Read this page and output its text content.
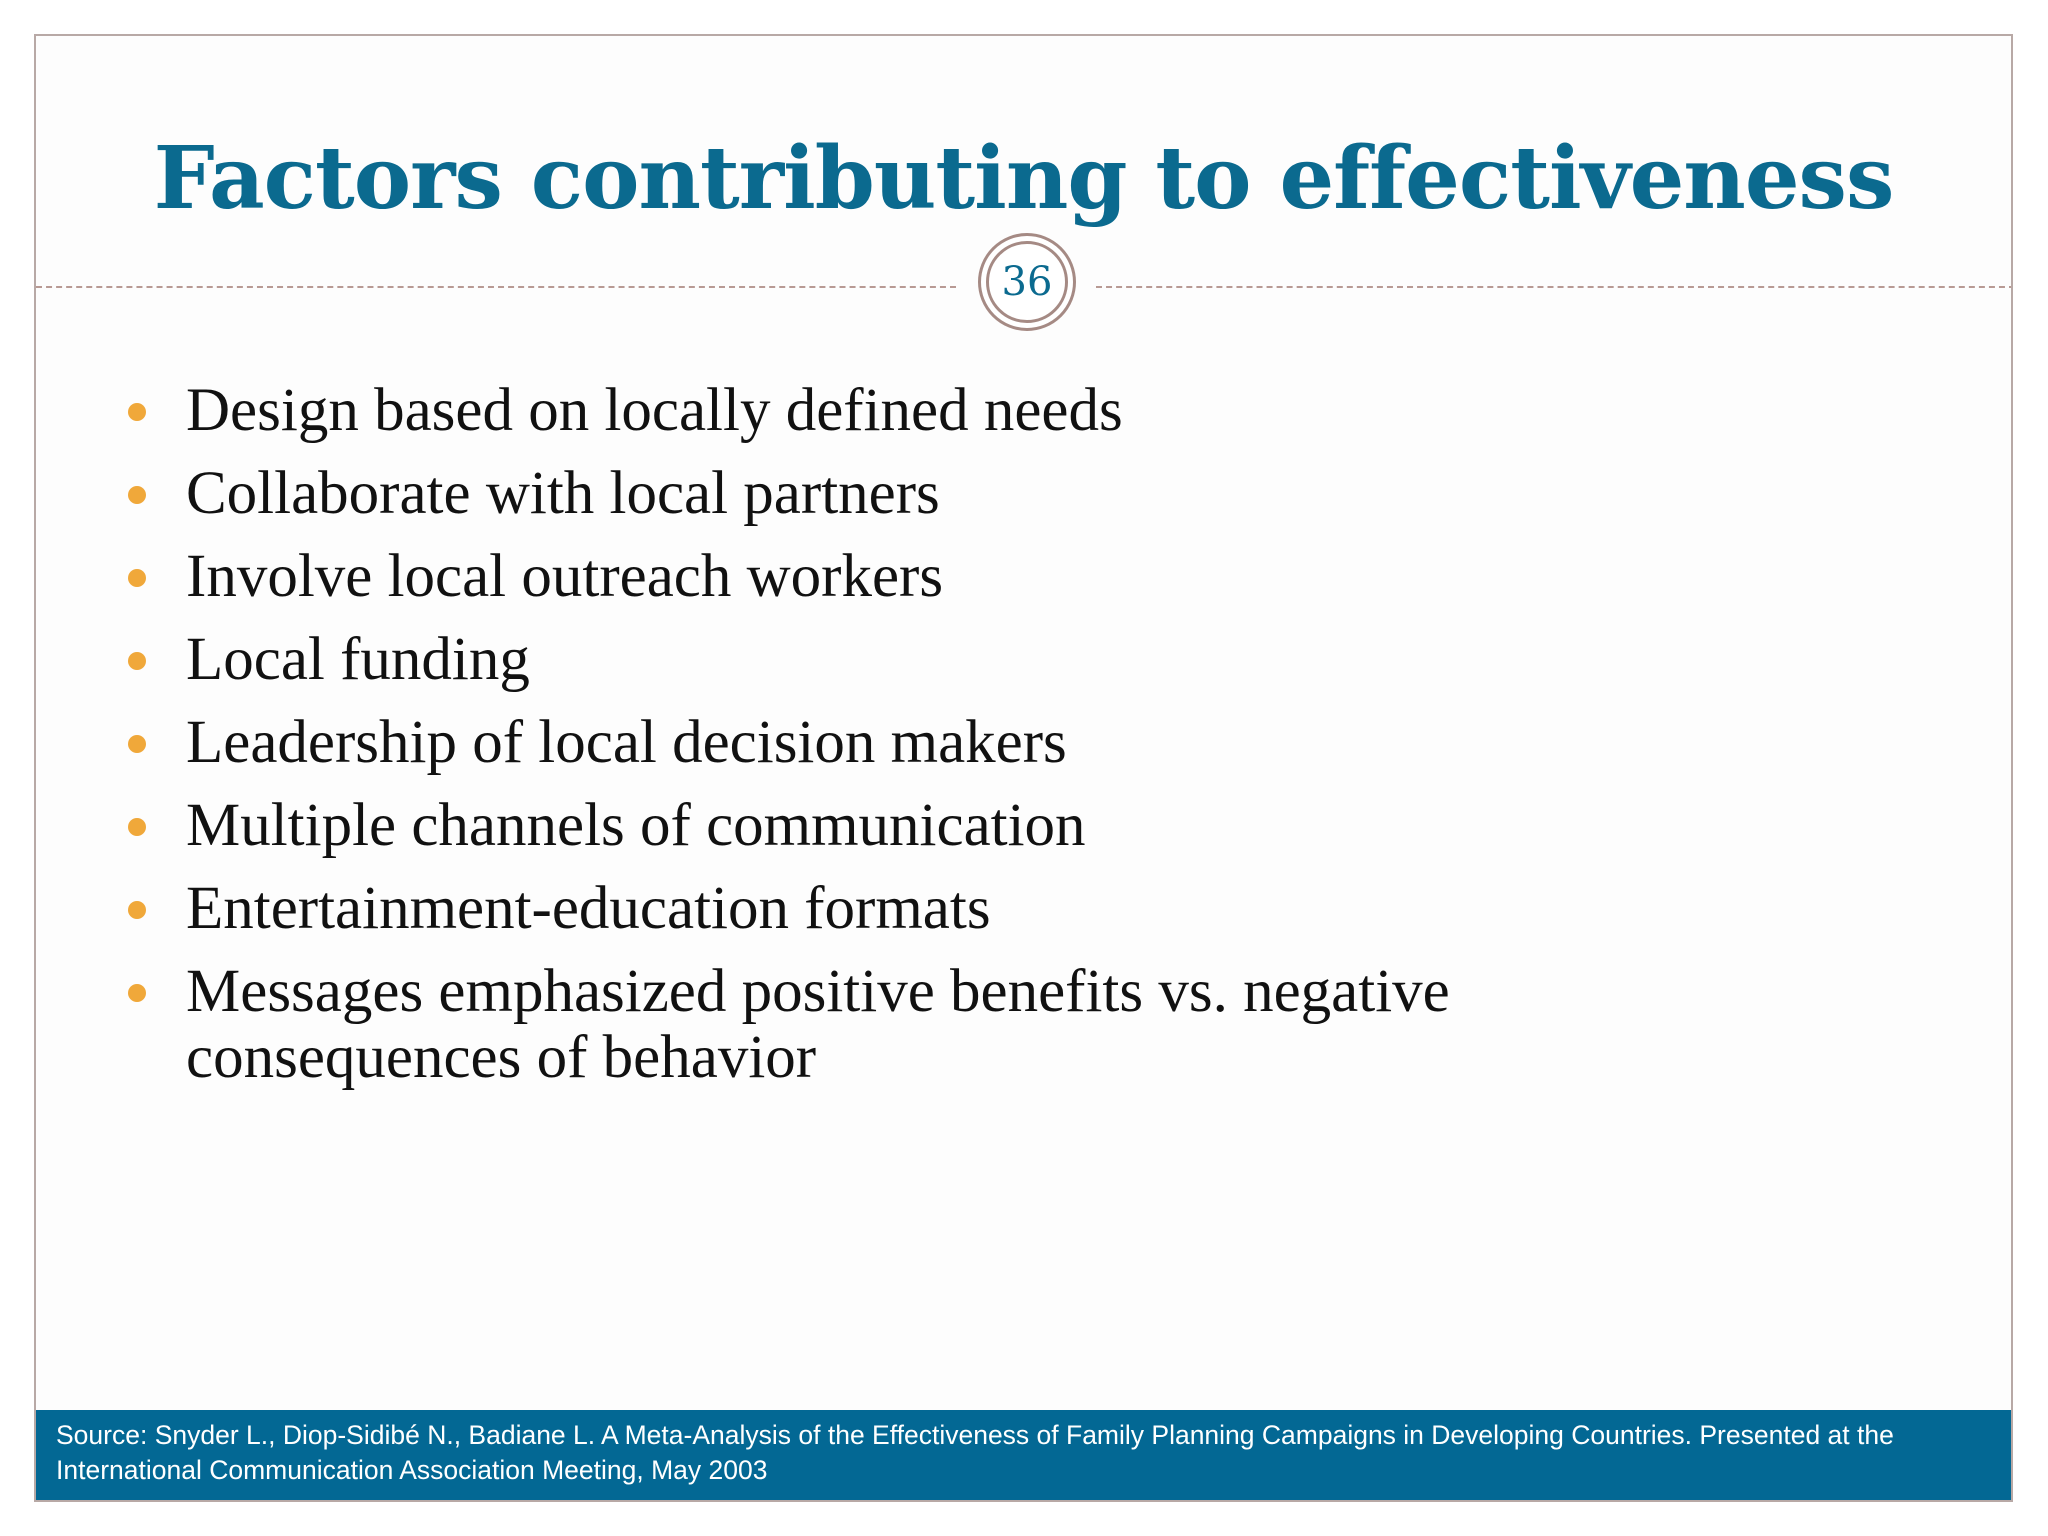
Factors contributing to effectiveness
36
Design based on locally defined needs
Collaborate with local partners
Involve local outreach workers
Local funding
Leadership of local decision makers
Multiple channels of communication
Entertainment-education formats
Messages emphasized positive benefits vs. negative consequences of behavior
Source: Snyder L., Diop-Sidibé N., Badiane L. A Meta-Analysis of the Effectiveness of Family Planning Campaigns in Developing Countries. Presented at the International Communication Association Meeting, May 2003
